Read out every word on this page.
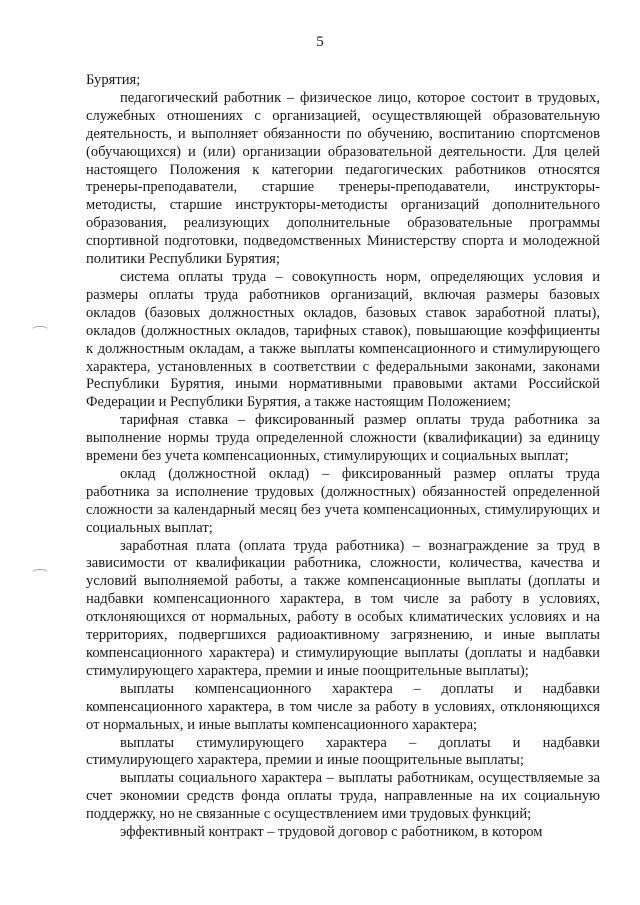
5

Бурятия;

педагогический работник – физическое лицо, которое состоит в трудовых, служебных отношениях с организацией, осуществляющей образовательную деятельность, и выполняет обязанности по обучению, воспитанию спортсменов (обучающихся) и (или) организации образовательной деятельности. Для целей настоящего Положения к категории педагогических работников относятся тренеры-преподаватели, старшие тренеры-преподаватели, инструкторы-методисты, старшие инструкторы-методисты организаций дополнительного образования, реализующих дополнительные образовательные программы спортивной подготовки, подведомственных Министерству спорта и молодежной политики Республики Бурятия;

система оплаты труда – совокупность норм, определяющих условия и размеры оплаты труда работников организаций, включая размеры базовых окладов (базовых должностных окладов, базовых ставок заработной платы), окладов (должностных окладов, тарифных ставок), повышающие коэффициенты к должностным окладам, а также выплаты компенсационного и стимулирующего характера, установленных в соответствии с федеральными законами, законами Республики Бурятия, иными нормативными правовыми актами Российской Федерации и Республики Бурятия, а также настоящим Положением;

тарифная ставка – фиксированный размер оплаты труда работника за выполнение нормы труда определенной сложности (квалификации) за единицу времени без учета компенсационных, стимулирующих и социальных выплат;

оклад (должностной оклад) – фиксированный размер оплаты труда работника за исполнение трудовых (должностных) обязанностей определенной сложности за календарный месяц без учета компенсационных, стимулирующих и социальных выплат;

заработная плата (оплата труда работника) – вознаграждение за труд в зависимости от квалификации работника, сложности, количества, качества и условий выполняемой работы, а также компенсационные выплаты (доплаты и надбавки компенсационного характера, в том числе за работу в условиях, отклоняющихся от нормальных, работу в особых климатических условиях и на территориях, подвергшихся радиоактивному загрязнению, и иные выплаты компенсационного характера) и стимулирующие выплаты (доплаты и надбавки стимулирующего характера, премии и иные поощрительные выплаты);

выплаты компенсационного характера – доплаты и надбавки компенсационного характера, в том числе за работу в условиях, отклоняющихся от нормальных, и иные выплаты компенсационного характера;

выплаты стимулирующего характера – доплаты и надбавки стимулирующего характера, премии и иные поощрительные выплаты;

выплаты социального характера – выплаты работникам, осуществляемые за счет экономии средств фонда оплаты труда, направленные на их социальную поддержку, но не связанные с осуществлением ими трудовых функций;

эффективный контракт – трудовой договор с работником, в котором
